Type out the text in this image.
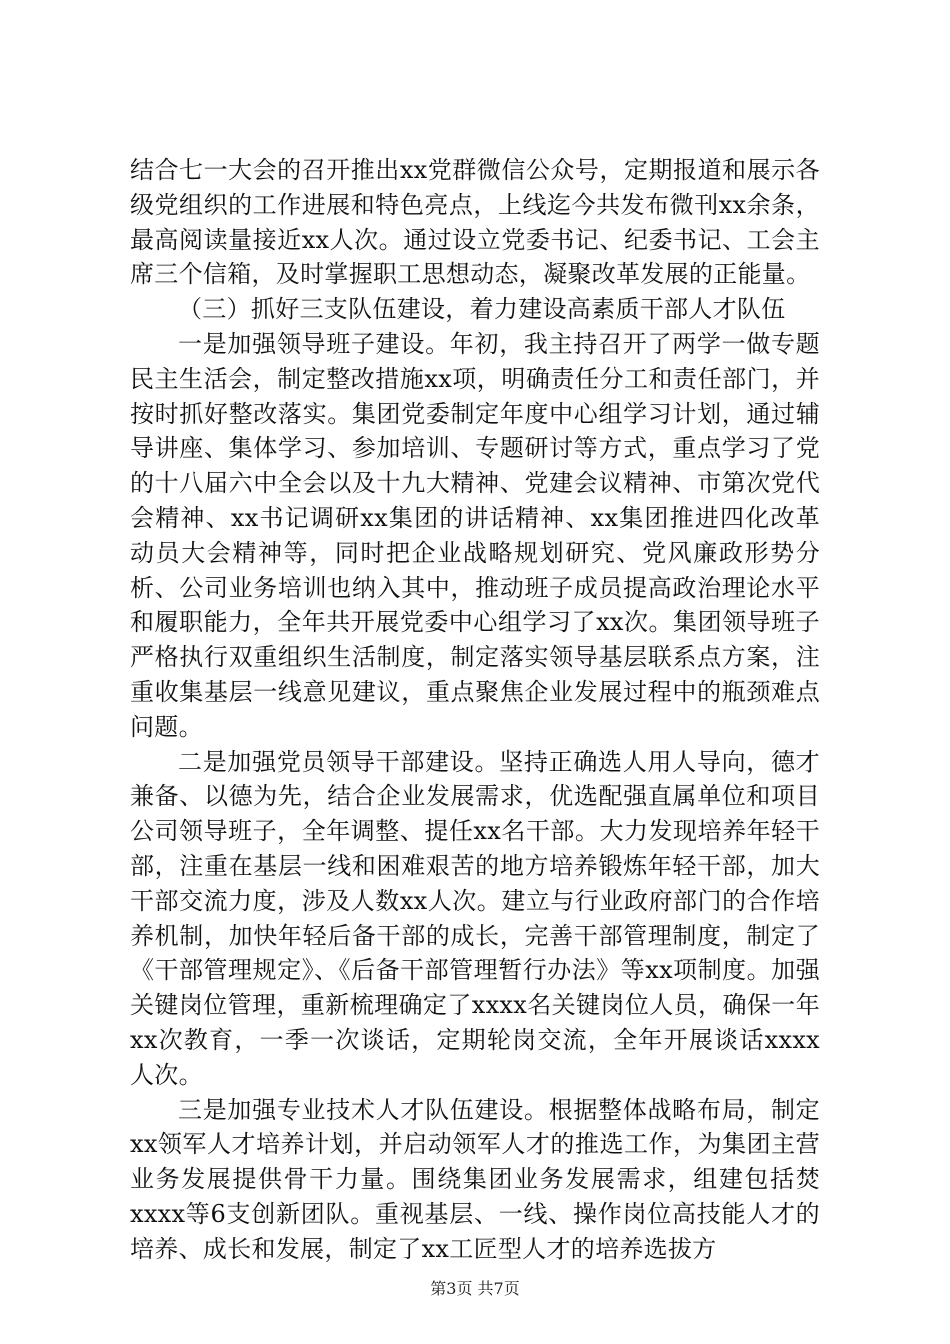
结合七一大会的召开推出xx党群微信公众号，定期报道和展示各级党组织的工作进展和特色亮点，上线迄今共发布微刊xx余条，最高阅读量接近xx人次。通过设立党委书记、纪委书记、工会主席三个信箱，及时掌握职工思想动态，凝聚改革发展的正能量。

（三）抓好三支队伍建设，着力建设高素质干部人才队伍

一是加强领导班子建设。年初，我主持召开了两学一做专题民主生活会，制定整改措施xx项，明确责任分工和责任部门，并按时抓好整改落实。集团党委制定年度中心组学习计划，通过辅导讲座、集体学习、参加培训、专题研讨等方式，重点学习了党的十八届六中全会以及十九大精神、党建会议精神、市第次党代会精神、xx书记调研xx集团的讲话精神、xx集团推进四化改革动员大会精神等，同时把企业战略规划研究、党风廉政形势分析、公司业务培训也纳入其中，推动班子成员提高政治理论水平和履职能力，全年共开展党委中心组学习了xx次。集团领导班子严格执行双重组织生活制度，制定落实领导基层联系点方案，注重收集基层一线意见建议，重点聚焦企业发展过程中的瓶颈难点问题。

二是加强党员领导干部建设。坚持正确选人用人导向，德才兼备、以德为先，结合企业发展需求，优选配强直属单位和项目公司领导班子，全年调整、提任xx名干部。大力发现培养年轻干部，注重在基层一线和困难艰苦的地方培养锻炼年轻干部，加大干部交流力度，涉及人数xx人次。建立与行业政府部门的合作培养机制，加快年轻后备干部的成长，完善干部管理制度，制定了《干部管理规定》、《后备干部管理暂行办法》等xx项制度。加强关键岗位管理，重新梳理确定了xxxx名关键岗位人员，确保一年xx次教育，一季一次谈话，定期轮岗交流，全年开展谈话xxxx人次。

三是加强专业技术人才队伍建设。根据整体战略布局，制定xx领军人才培养计划，并启动领军人才的推选工作，为集团主营业务发展提供骨干力量。围绕集团业务发展需求，组建包括焚xxxx等6支创新团队。重视基层、一线、操作岗位高技能人才的培养、成长和发展，制定了xx工匠型人才的培养选拔方

第3页 共7页
